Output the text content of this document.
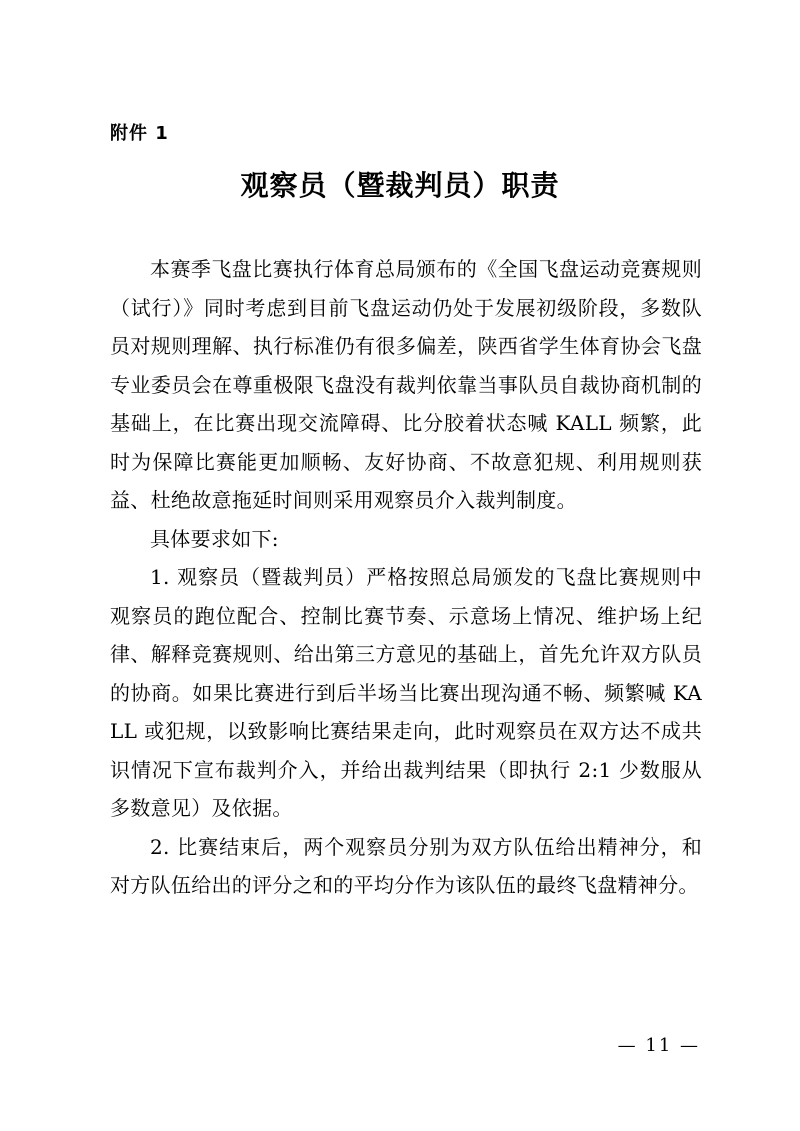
附件 1
观察员（暨裁判员）职责

本赛季飞盘比赛执行体育总局颁布的《全国飞盘运动竞赛规则（试行）》同时考虑到目前飞盘运动仍处于发展初级阶段，多数队员对规则理解、执行标准仍有很多偏差，陕西省学生体育协会飞盘专业委员会在尊重极限飞盘没有裁判依靠当事队员自裁协商机制的基础上，在比赛出现交流障碍、比分胶着状态喊 KALL 频繁，此时为保障比赛能更加顺畅、友好协商、不故意犯规、利用规则获益、杜绝故意拖延时间则采用观察员介入裁判制度。

具体要求如下:

1. 观察员（暨裁判员）严格按照总局颁发的飞盘比赛规则中观察员的跑位配合、控制比赛节奏、示意场上情况、维护场上纪律、解释竞赛规则、给出第三方意见的基础上，首先允许双方队员的协商。如果比赛进行到后半场当比赛出现沟通不畅、频繁喊 KALL 或犯规，以致影响比赛结果走向，此时观察员在双方达不成共识情况下宣布裁判介入，并给出裁判结果（即执行 2:1 少数服从多数意见）及依据。

2. 比赛结束后，两个观察员分别为双方队伍给出精神分，和对方队伍给出的评分之和的平均分作为该队伍的最终飞盘精神分。

— 11 —
